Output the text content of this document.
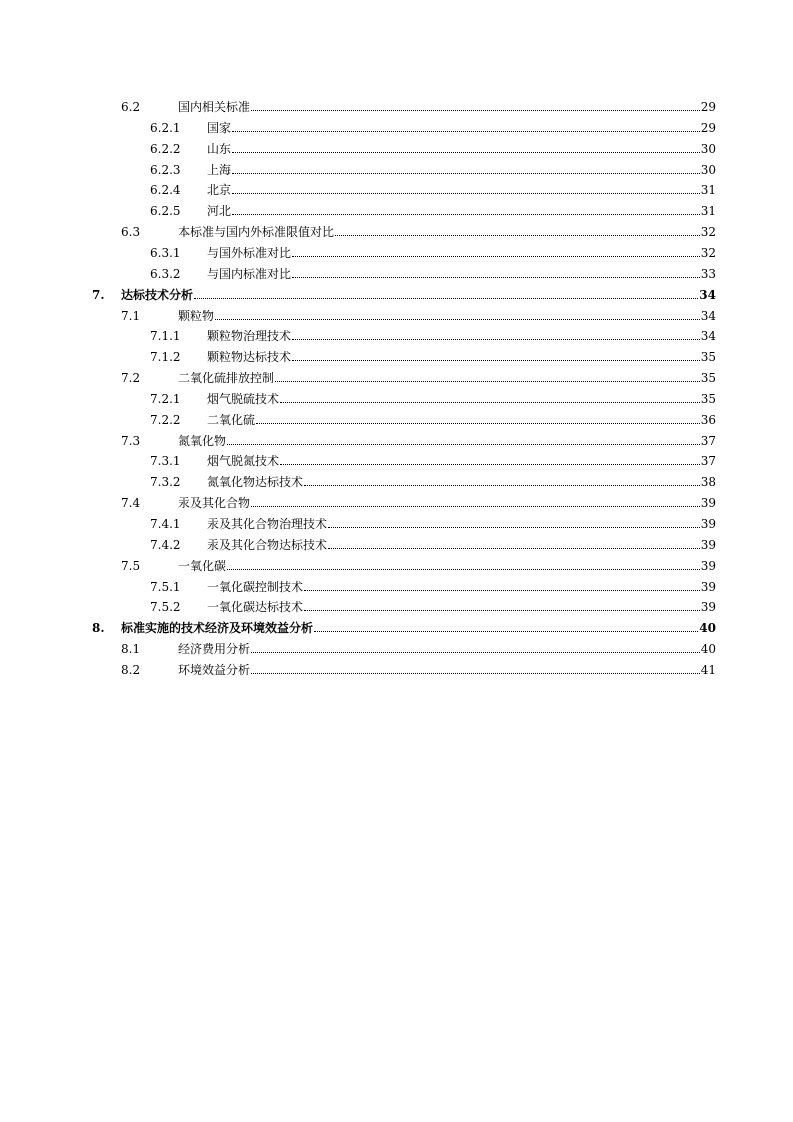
6.2	国内相关标准	29
6.2.1	国家	29
6.2.2	山东	30
6.2.3	上海	30
6.2.4	北京	31
6.2.5	河北	31
6.3	本标准与国内外标准限值对比	32
6.3.1	与国外标准对比	32
6.3.2	与国内标准对比	33
7.	达标技术分析	34
7.1	颗粒物	34
7.1.1	颗粒物治理技术	34
7.1.2	颗粒物达标技术	35
7.2	二氧化硫排放控制	35
7.2.1	烟气脱硫技术	35
7.2.2	二氧化硫	36
7.3	氮氧化物	37
7.3.1	烟气脱氮技术	37
7.3.2	氮氧化物达标技术	38
7.4	汞及其化合物	39
7.4.1	汞及其化合物治理技术	39
7.4.2	汞及其化合物达标技术	39
7.5	一氧化碳	39
7.5.1	一氧化碳控制技术	39
7.5.2	一氧化碳达标技术	39
8.	标准实施的技术经济及环境效益分析	40
8.1	经济费用分析	40
8.2	环境效益分析	41
